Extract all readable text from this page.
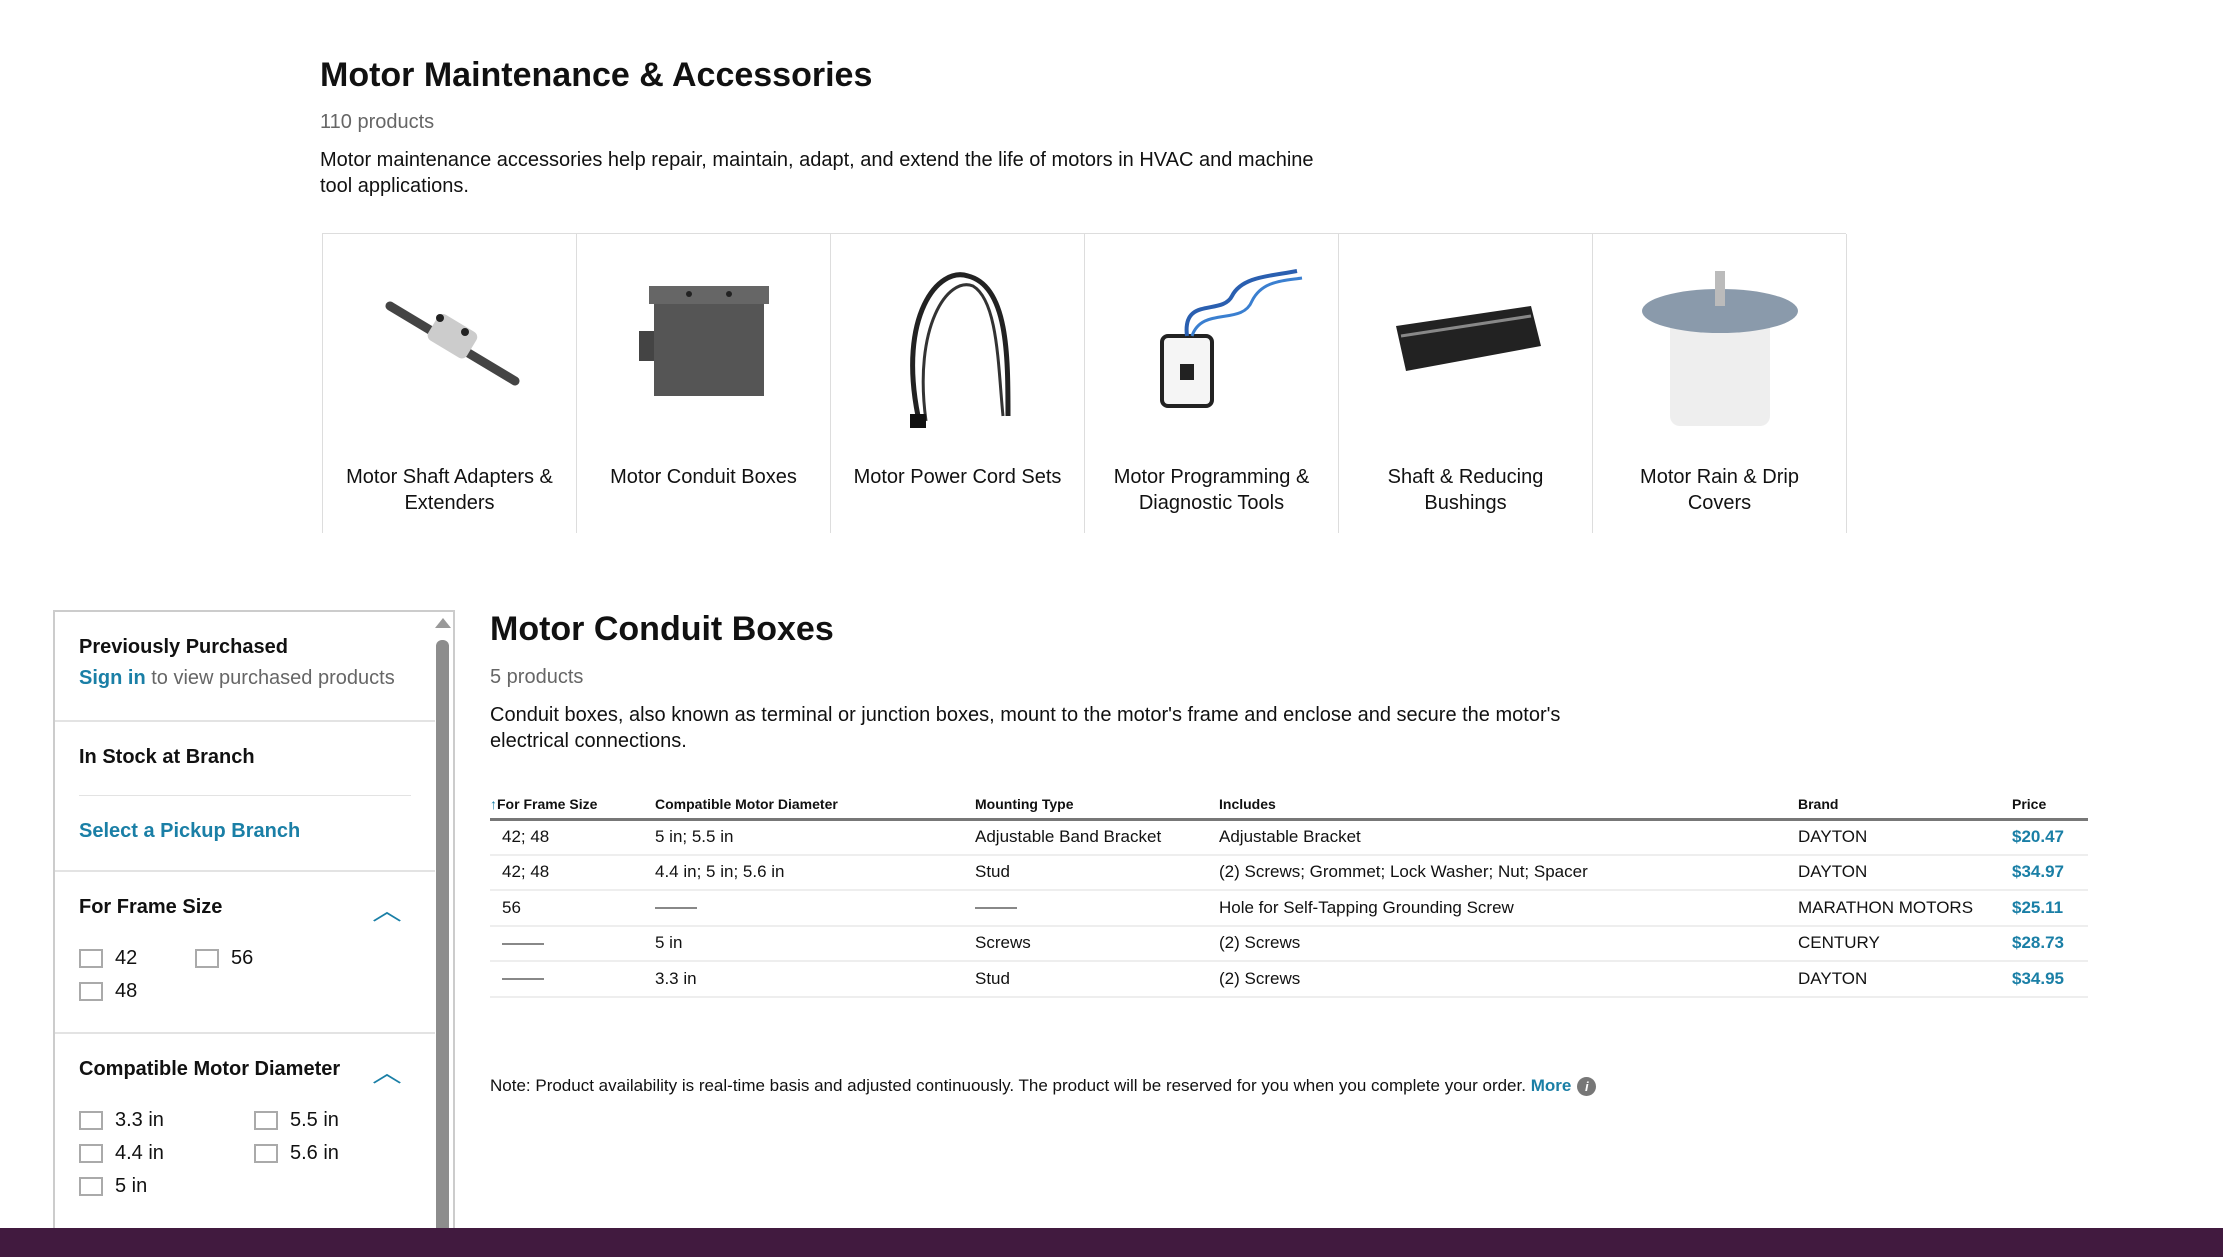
Motor Maintenance & Accessories
110 products
Motor maintenance accessories help repair, maintain, adapt, and extend the life of motors in HVAC and machine tool applications.
Motor Shaft Adapters & Extenders
Motor Conduit Boxes	Motor Power Cord Sets	Motor Programming & Diagnostic Tools
Shaft & Reducing Bushings
Motor Rain & Drip Covers
Previously Purchased
Sign in to view purchased products
In Stock at Branch
Select a Pickup Branch
For Frame Size	︿
42	56
48
Compatible Motor Diameter ︿
3.3 in	5.5 in
4.4 in	5.6 in
5 in
Motor Conduit Boxes
5 products
Conduit boxes, also known as terminal or junction boxes, mount to the motor's frame and enclose and secure the motor's electrical connections.
↑For Frame Size	Compatible Motor Diameter	Mounting Type	Includes	Brand	Price
42; 48	5 in; 5.5 in	Adjustable Band Bracket	Adjustable Bracket	DAYTON	$20.47
42; 48	4.4 in; 5 in; 5.6 in	Stud	(2) Screws; Grommet; Lock Washer; Nut; Spacer	DAYTON	$34.97
56			Hole for Self-Tapping Grounding Screw	MARATHON MOTORS	$25.11
	5 in	Screws	(2) Screws	CENTURY	$28.73
	3.3 in	Stud	(2) Screws	DAYTON	$34.95
Note: Product availability is real-time basis and adjusted continuously. The product will be reserved for you when you complete your order. More i
